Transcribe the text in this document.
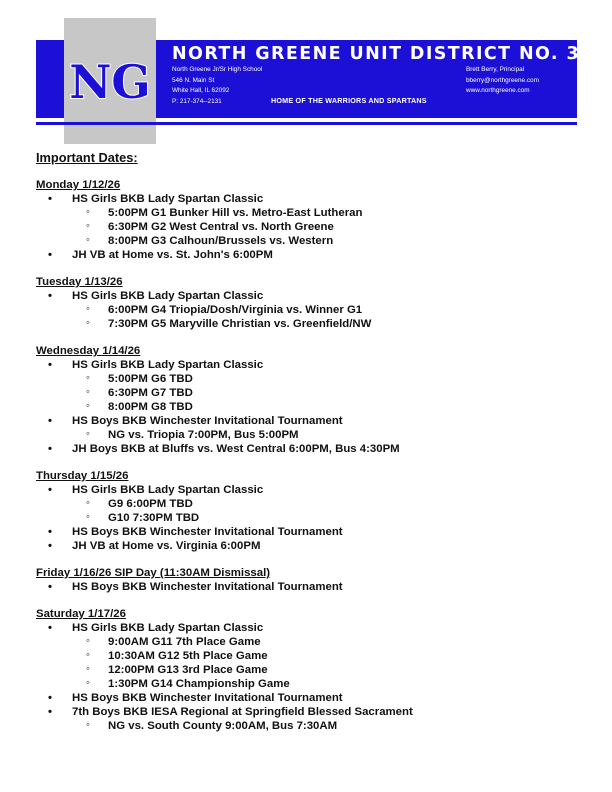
NG
NORTH GREENE UNIT DISTRICT NO. 3
North Greene Jr/Sr High School
546 N. Main St
White Hall, IL 62092
P: 217-374--2131
Brett Berry, Principal
bberry@northgreene.com
www.northgreene.com
HOME OF THE WARRIORS AND SPARTANS
Important Dates:
Monday 1/12/26
• HS Girls BKB Lady Spartan Classic
◦ 5:00PM G1 Bunker Hill vs. Metro-East Lutheran
◦ 6:30PM G2 West Central vs. North Greene
◦ 8:00PM G3 Calhoun/Brussels vs. Western
• JH VB at Home vs. St. John's 6:00PM
Tuesday 1/13/26
• HS Girls BKB Lady Spartan Classic
◦ 6:00PM G4 Triopia/Dosh/Virginia vs. Winner G1
◦ 7:30PM G5 Maryville Christian vs. Greenfield/NW
Wednesday 1/14/26
• HS Girls BKB Lady Spartan Classic
◦ 5:00PM G6 TBD
◦ 6:30PM G7 TBD
◦ 8:00PM G8 TBD
• HS Boys BKB Winchester Invitational Tournament
◦ NG vs. Triopia 7:00PM, Bus 5:00PM
• JH Boys BKB at Bluffs vs. West Central 6:00PM, Bus 4:30PM
Thursday 1/15/26
• HS Girls BKB Lady Spartan Classic
◦ G9 6:00PM TBD
◦ G10 7:30PM TBD
• HS Boys BKB Winchester Invitational Tournament
• JH VB at Home vs. Virginia 6:00PM
Friday 1/16/26 SIP Day (11:30AM Dismissal)
• HS Boys BKB Winchester Invitational Tournament
Saturday 1/17/26
• HS Girls BKB Lady Spartan Classic
◦ 9:00AM G11 7th Place Game
◦ 10:30AM G12 5th Place Game
◦ 12:00PM G13 3rd Place Game
◦ 1:30PM G14 Championship Game
• HS Boys BKB Winchester Invitational Tournament
• 7th Boys BKB IESA Regional at Springfield Blessed Sacrament
◦ NG vs. South County 9:00AM, Bus 7:30AM
